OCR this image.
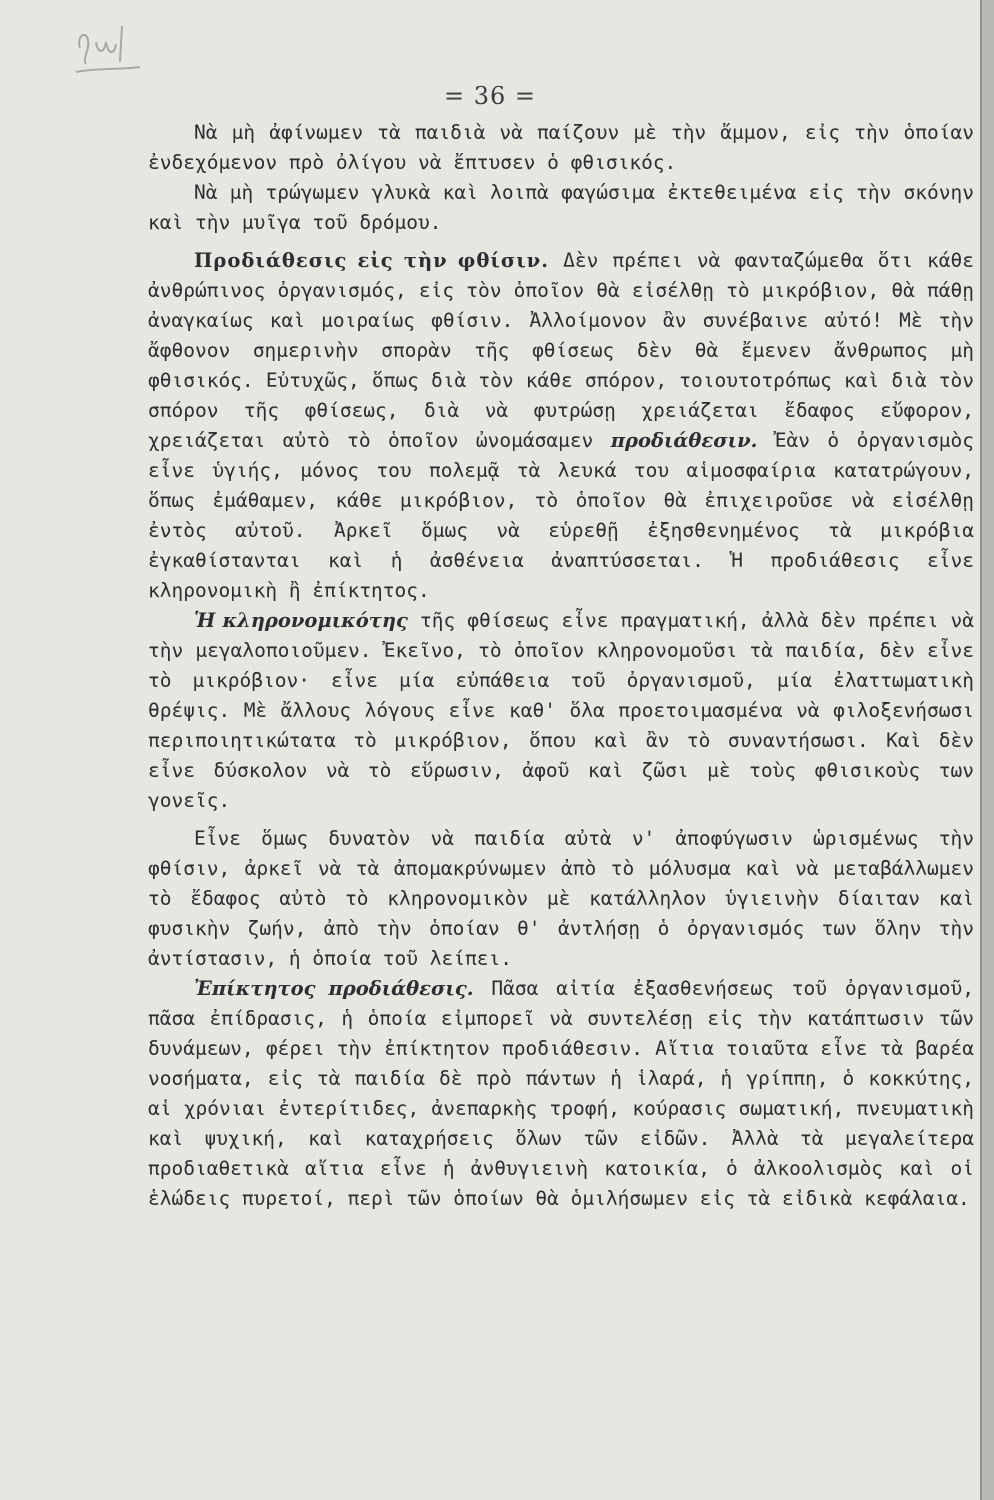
= 36 =

Νὰ μὴ ἀφίνωμεν τὰ παιδιὰ νὰ παίζουν μὲ τὴν ἄμμον, εἰς τὴν ὁποίαν ἐνδεχόμενον πρὸ ὀλίγου νὰ ἔπτυσεν ὁ φθισικός.

Νὰ μὴ τρώγωμεν γλυκὰ καὶ λοιπὰ φαγώσιμα ἐκτεθειμένα εἰς τὴν σκόνην καὶ τὴν μυῖγα τοῦ δρόμου.

Προδιάθεσις εἰς τὴν φθίσιν. Δὲν πρέπει νὰ φανταζώμεθα ὅτι κάθε ἀνθρώπινος ὀργανισμός, εἰς τὸν ὁποῖον θὰ εἰσέλθῃ τὸ μικρόβιον, θὰ πάθῃ ἀναγκαίως καὶ μοιραίως φθίσιν. Ἀλλοίμονον ἂν συνέβαινε αὐτό! Μὲ τὴν ἄφθονον σημερινὴν σπορὰν τῆς φθίσεως δὲν θὰ ἔμενεν ἄνθρωπος μὴ φθισικός. Εὐτυχῶς, ὅπως διὰ τὸν κάθε σπόρον, τοιουτοτρόπως καὶ διὰ τὸν σπόρον τῆς φθίσεως, διὰ νὰ φυτρώσῃ χρειάζεται ἔδαφος εὔφορον, χρειάζεται αὐτὸ τὸ ὁποῖον ὠνομάσαμεν προδιάθεσιν. Ἐὰν ὁ ὀργανισμὸς εἶνε ὑγιής, μόνος του πολεμᾷ τὰ λευκά του αἱμοσφαίρια κατατρώγουν, ὅπως ἐμάθαμεν, κάθε μικρόβιον, τὸ ὁποῖον θὰ ἐπιχειροῦσε νὰ εἰσέλθῃ ἐντὸς αὐτοῦ. Ἀρκεῖ ὅμως νὰ εὑρεθῇ ἐξησθενημένος τὰ μικρόβια ἐγκαθίστανται καὶ ἡ ἀσθένεια ἀναπτύσσεται. Ἡ προδιάθεσις εἶνε κληρονομικὴ ἢ ἐπίκτητος.

Ἡ κληρονομικότης τῆς φθίσεως εἶνε πραγματική, ἀλλὰ δὲν πρέπει νὰ τὴν μεγαλοποιοῦμεν. Ἐκεῖνο, τὸ ὁποῖον κληρονομοῦσι τὰ παιδία, δὲν εἶνε τὸ μικρόβιον· εἶνε μία εὐπάθεια τοῦ ὀργανισμοῦ, μία ἐλαττωματικὴ θρέψις. Μὲ ἄλλους λόγους εἶνε καθ' ὅλα προετοιμασμένα νὰ φιλοξενήσωσι περιποιητικώτατα τὸ μικρόβιον, ὅπου καὶ ἂν τὸ συναντήσωσι. Καὶ δὲν εἶνε δύσκολον νὰ τὸ εὕρωσιν, ἀφοῦ καὶ ζῶσι μὲ τοὺς φθισικοὺς των γονεῖς.

Εἶνε ὅμως δυνατὸν νὰ παιδία αὐτὰ ν' ἀποφύγωσιν ὡρισμένως τὴν φθίσιν, ἀρκεῖ νὰ τὰ ἀπομακρύνωμεν ἀπὸ τὸ μόλυσμα καὶ νὰ μεταβάλλωμεν τὸ ἔδαφος αὐτὸ τὸ κληρονομικὸν μὲ κατάλληλον ὑγιεινὴν δίαιταν καὶ φυσικὴν ζωήν, ἀπὸ τὴν ὁποίαν θ' ἀντλήσῃ ὁ ὀργανισμός των ὅλην τὴν ἀντίστασιν, ἡ ὁποία τοῦ λείπει.

Ἐπίκτητος προδιάθεσις. Πᾶσα αἰτία ἐξασθενήσεως τοῦ ὀργανισμοῦ, πᾶσα ἐπίδρασις, ἡ ὁποία εἰμπορεῖ νὰ συντελέσῃ εἰς τὴν κατάπτωσιν τῶν δυνάμεων, φέρει τὴν ἐπίκτητον προδιάθεσιν. Αἴτια τοιαῦτα εἶνε τὰ βαρέα νοσήματα, εἰς τὰ παιδία δὲ πρὸ πάντων ἡ ἱλαρά, ἡ γρίππη, ὁ κοκκύτης, αἱ χρόνιαι ἐντερίτιδες, ἀνεπαρκὴς τροφή, κούρασις σωματική, πνευματικὴ καὶ ψυχική, καὶ καταχρήσεις ὅλων τῶν εἰδῶν. Ἀλλὰ τὰ μεγαλείτερα προδιαθετικὰ αἴτια εἶνε ἡ ἀνθυγιεινὴ κατοικία, ὁ ἀλκοολισμὸς καὶ οἱ ἑλώδεις πυρετοί, περὶ τῶν ὁποίων θὰ ὁμιλήσωμεν εἰς τὰ εἰδικὰ κεφάλαια.
